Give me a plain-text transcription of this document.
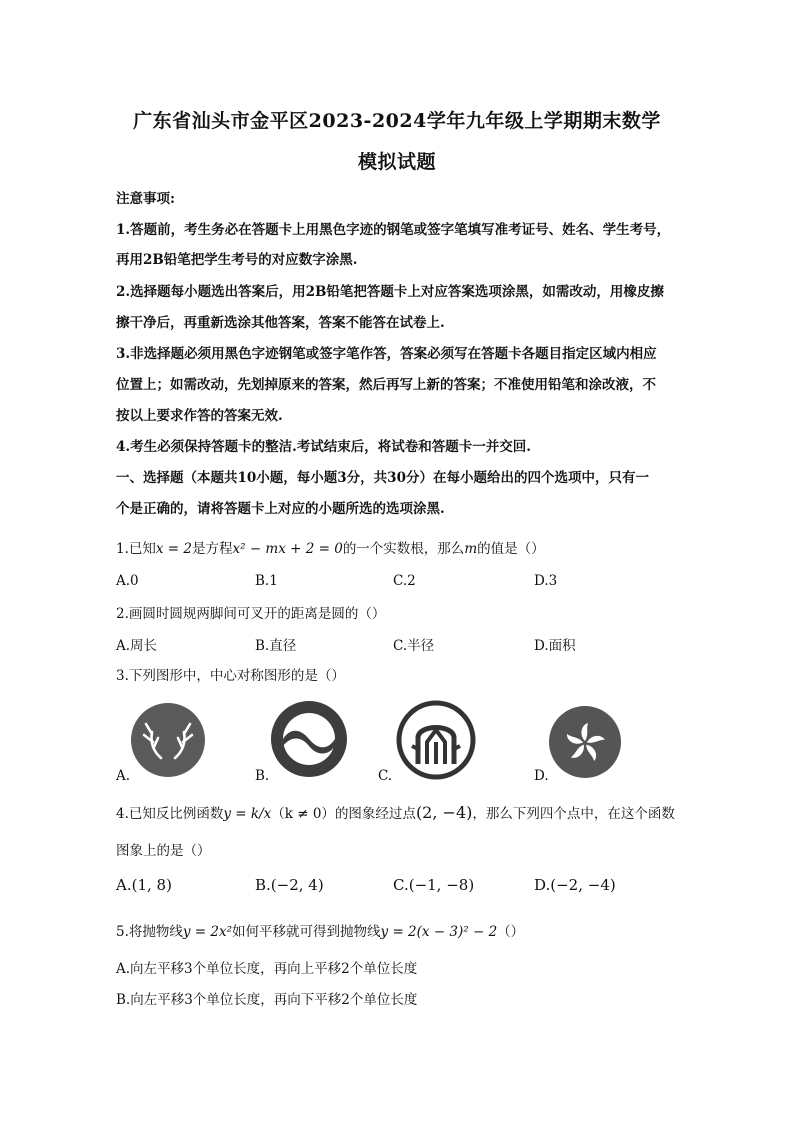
广东省汕头市金平区2023-2024学年九年级上学期期末数学
模拟试题
注意事项:
1.答题前，考生务必在答题卡上用黑色字迹的钢笔或签字笔填写准考证号、姓名、学生考号，
再用2B铅笔把学生考号的对应数字涂黑.
2.选择题每小题选出答案后，用2B铅笔把答题卡上对应答案选项涂黑，如需改动，用橡皮擦
擦干净后，再重新选涂其他答案，答案不能答在试卷上.
3.非选择题必须用黑色字迹钢笔或签字笔作答，答案必须写在答题卡各题目指定区域内相应
位置上；如需改动，先划掉原来的答案，然后再写上新的答案；不准使用铅笔和涂改液，不
按以上要求作答的答案无效.
4.考生必须保持答题卡的整洁.考试结束后，将试卷和答题卡一并交回.
一、选择题（本题共10小题，每小题3分，共30分）在每小题给出的四个选项中，只有一
个是正确的，请将答题卡上对应的小题所选的选项涂黑.
1.已知x = 2是方程x² − mx + 2 = 0的一个实数根，那么m的值是（）
A.0	B.1	C.2	D.3
2.画圆时圆规两脚间可叉开的距离是圆的（）
A.周长	B.直径	C.半径	D.面积
3.下列图形中，中心对称图形的是（）
A.	B.	C.	D.
4.已知反比例函数y = k/x（k ≠ 0）的图象经过点(2, −4)，那么下列四个点中，在这个函数
图象上的是（）
A.(1, 8)	B.(−2, 4)	C.(−1, −8)	D.(−2, −4)
5.将抛物线y = 2x²如何平移就可得到抛物线y = 2(x − 3)² − 2（）
A.向左平移3个单位长度，再向上平移2个单位长度
B.向左平移3个单位长度，再向下平移2个单位长度
